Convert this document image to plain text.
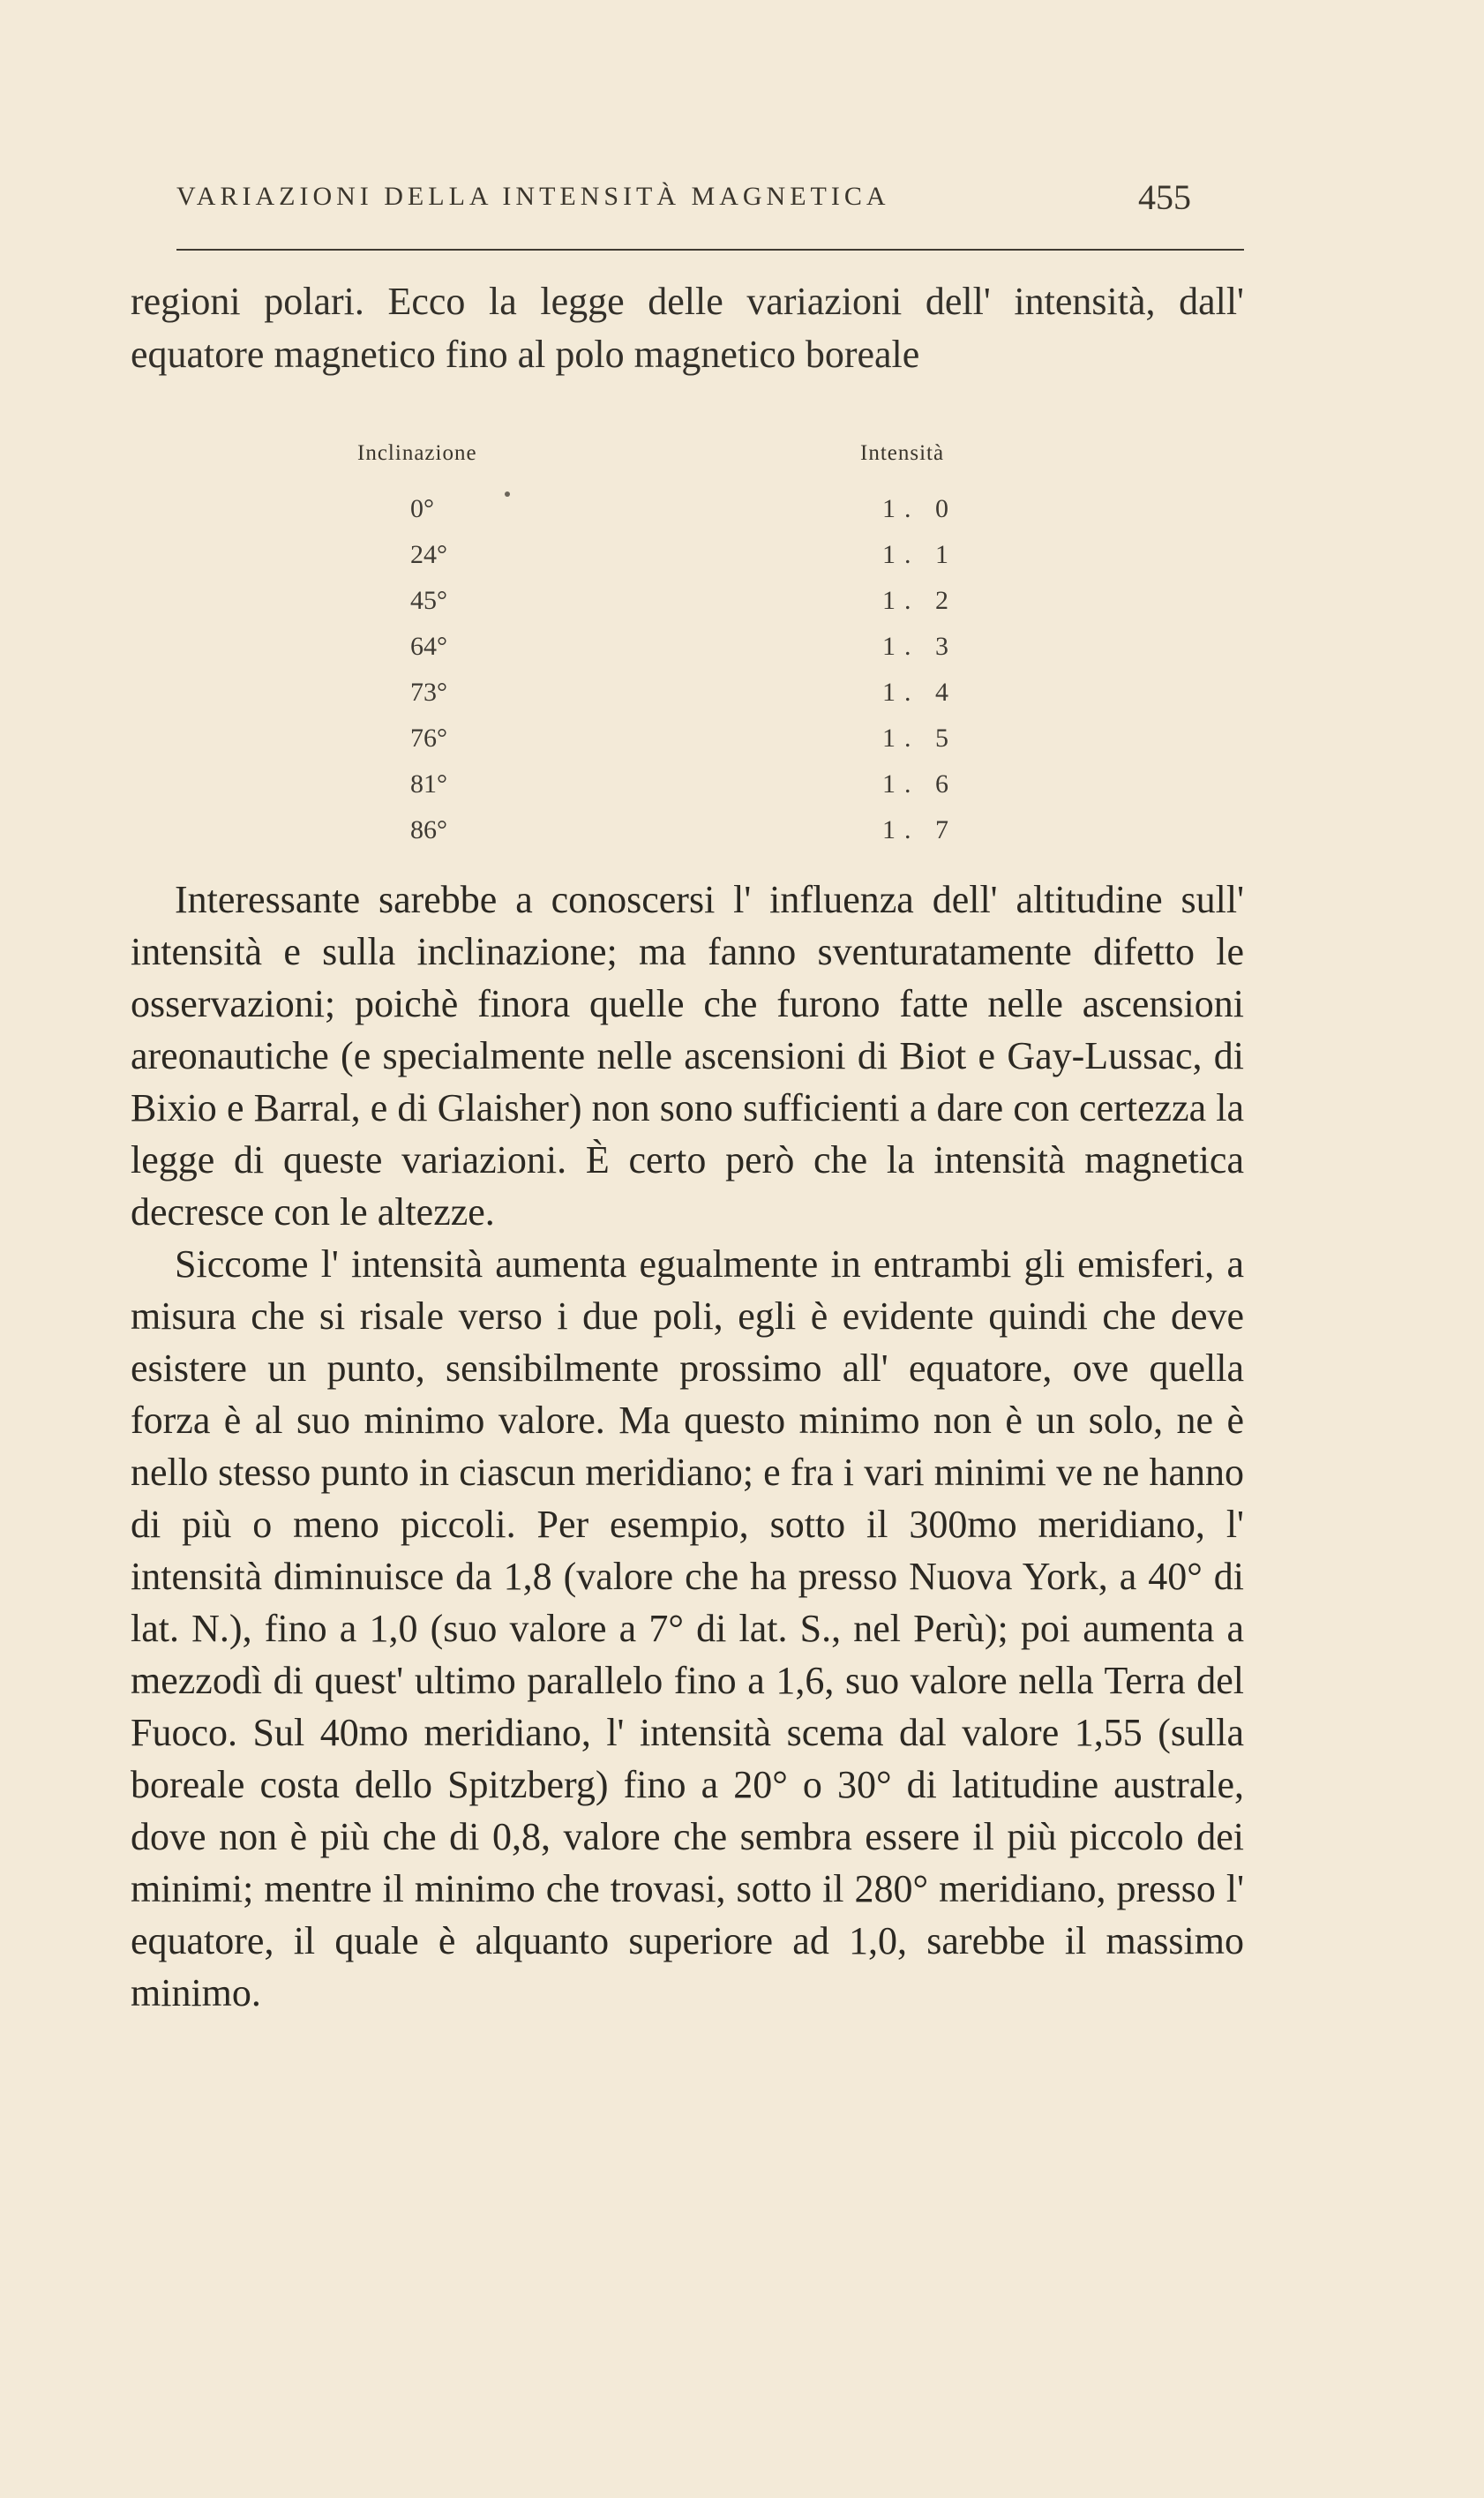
VARIAZIONI DELLA INTENSITÀ MAGNETICA	455
regioni polari. Ecco la legge delle variazioni dell' intensità, dall' equatore magnetico fino al polo magnetico boreale
Inclinazione	Intensità
0°	1. 0
24°	1. 1
45°	1. 2
64°	1. 3
73°	1. 4
76°	1. 5
81°	1. 6
86°	1. 7

Interessante sarebbe a conoscersi l' influenza dell' altitudine sull' intensità e sulla inclinazione; ma fanno sventuratamente difetto le osservazioni; poichè finora quelle che furono fatte nelle ascensioni areonautiche (e specialmente nelle ascensioni di Biot e Gay-Lussac, di Bixio e Barral, e di Glaisher) non sono sufficienti a dare con certezza la legge di queste variazioni. È certo però che la intensità magnetica decresce con le altezze.

Siccome l' intensità aumenta egualmente in entrambi gli emisferi, a misura che si risale verso i due poli, egli è evidente quindi che deve esistere un punto, sensibilmente prossimo all' equatore, ove quella forza è al suo minimo valore. Ma questo minimo non è un solo, ne è nello stesso punto in ciascun meridiano; e fra i vari minimi ve ne hanno di più o meno piccoli. Per esempio, sotto il 300mo meridiano, l' intensità diminuisce da 1,8 (valore che ha presso Nuova York, a 40° di lat. N.), fino a 1,0 (suo valore a 7° di lat. S., nel Perù); poi aumenta a mezzodì di quest' ultimo parallelo fino a 1,6, suo valore nella Terra del Fuoco. Sul 40mo meridiano, l' intensità scema dal valore 1,55 (sulla boreale costa dello Spitzberg) fino a 20° o 30° di latitudine australe, dove non è più che di 0,8, valore che sembra essere il più piccolo dei minimi; mentre il minimo che trovasi, sotto il 280° meridiano, presso l' equatore, il quale è alquanto superiore ad 1,0, sarebbe il massimo minimo.
